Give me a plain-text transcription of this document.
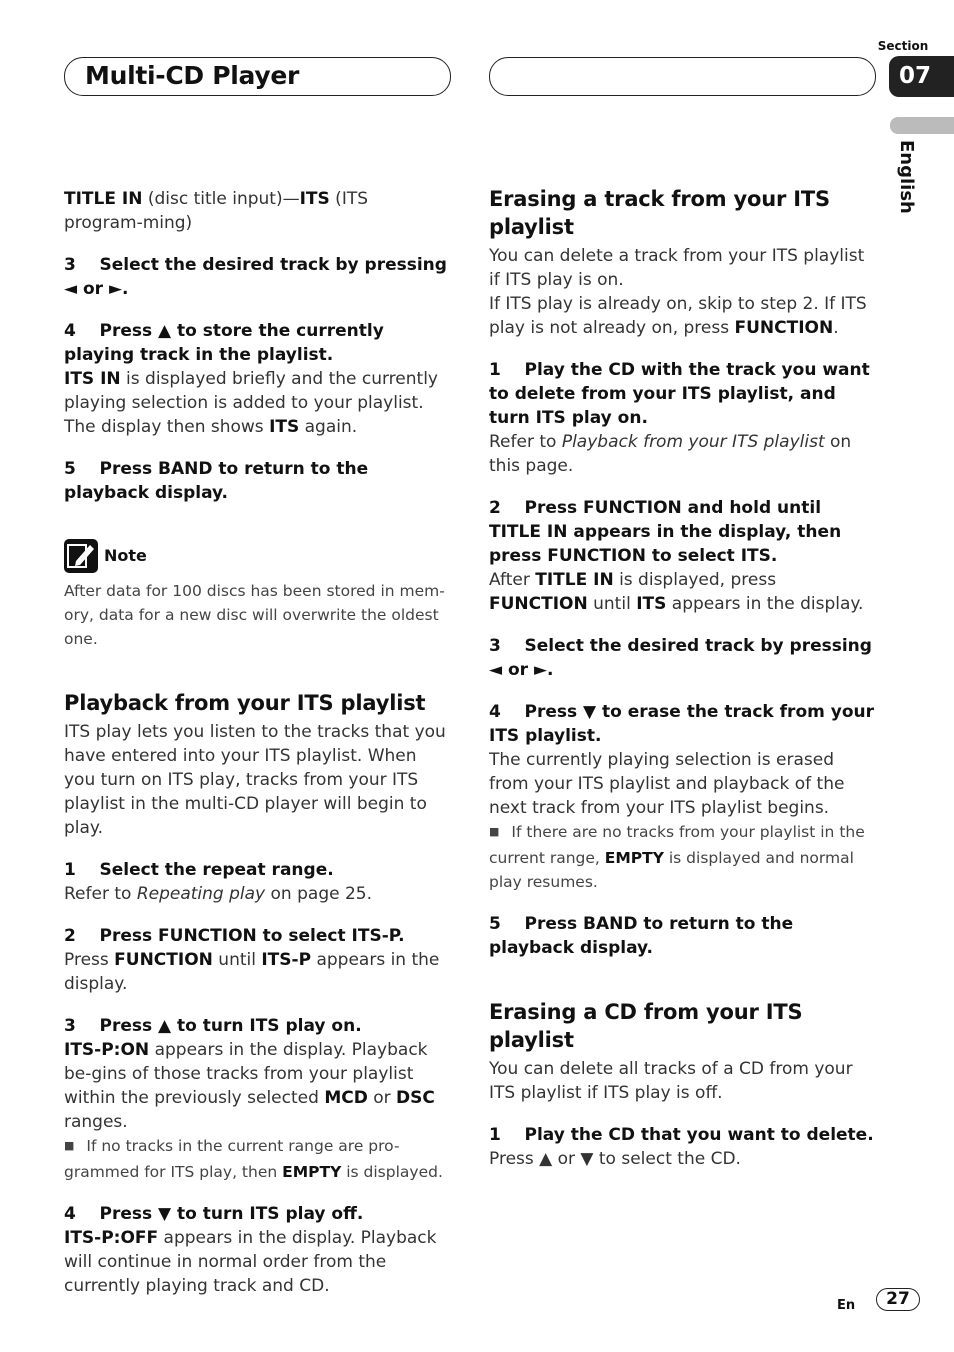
Multi-CD Player
Section
07
English

TITLE IN (disc title input)—ITS (ITS program-ming)

3    Select the desired track by pressing ◄ or ►.

4    Press ▲ to store the currently playing track in the playlist.

ITS IN is displayed briefly and the currently playing selection is added to your playlist. The display then shows ITS again.

5    Press BAND to return to the playback display.

Note

After data for 100 discs has been stored in mem-ory, data for a new disc will overwrite the oldest one.

Playback from your ITS playlist

ITS play lets you listen to the tracks that you have entered into your ITS playlist. When you turn on ITS play, tracks from your ITS playlist in the multi-CD player will begin to play.

1    Select the repeat range.

Refer to Repeating play on page 25.

2    Press FUNCTION to select ITS-P.

Press FUNCTION until ITS-P appears in the display.

3    Press ▲ to turn ITS play on.

ITS-P:ON appears in the display. Playback be-gins of those tracks from your playlist within the previously selected MCD or DSC ranges.

■ If no tracks in the current range are pro-grammed for ITS play, then EMPTY is displayed.

4    Press ▼ to turn ITS play off.

ITS-P:OFF appears in the display. Playback will continue in normal order from the currently playing track and CD.

Erasing a track from your ITS playlist

You can delete a track from your ITS playlist if ITS play is on.

If ITS play is already on, skip to step 2. If ITS play is not already on, press FUNCTION.

1    Play the CD with the track you want to delete from your ITS playlist, and turn ITS play on.

Refer to Playback from your ITS playlist on this page.

2    Press FUNCTION and hold until TITLE IN appears in the display, then press FUNCTION to select ITS.

After TITLE IN is displayed, press FUNCTION until ITS appears in the display.

3    Select the desired track by pressing ◄ or ►.

4    Press ▼ to erase the track from your ITS playlist.

The currently playing selection is erased from your ITS playlist and playback of the next track from your ITS playlist begins.

■ If there are no tracks from your playlist in the current range, EMPTY is displayed and normal play resumes.

5    Press BAND to return to the playback display.

Erasing a CD from your ITS playlist

You can delete all tracks of a CD from your ITS playlist if ITS play is off.

1    Play the CD that you want to delete.

Press ▲ or ▼ to select the CD.

En	27
